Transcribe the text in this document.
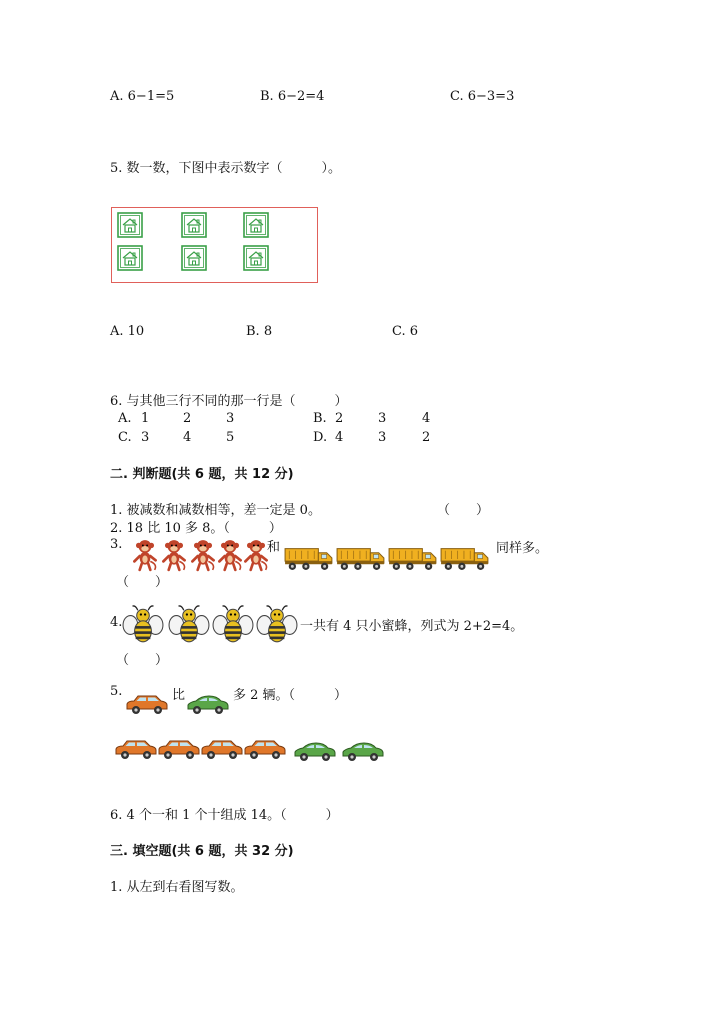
A. 6−1=5	B. 6−2=4	C. 6−3=3
5. 数一数，下图中表示数字（　　　）。
A. 10	B. 8	C. 6
6. 与其他三行不同的那一行是（　　　）
A. 1	2	3	B. 2	3	4
C. 3	4	5	D. 4	3	2
二. 判断题(共 6 题，共 12 分)
1. 被减数和减数相等，差一定是 0。	（　　）
2. 18 比 10 多 8。（　　　）
3.	和	同样多。
（　　）
4.	一共有 4 只小蜜蜂，列式为 2+2=4。
（　　）
5.	比	多 2 辆。（　　　）
6. 4 个一和 1 个十组成 14。（　　　）
三. 填空题(共 6 题，共 32 分)
1. 从左到右看图写数。
